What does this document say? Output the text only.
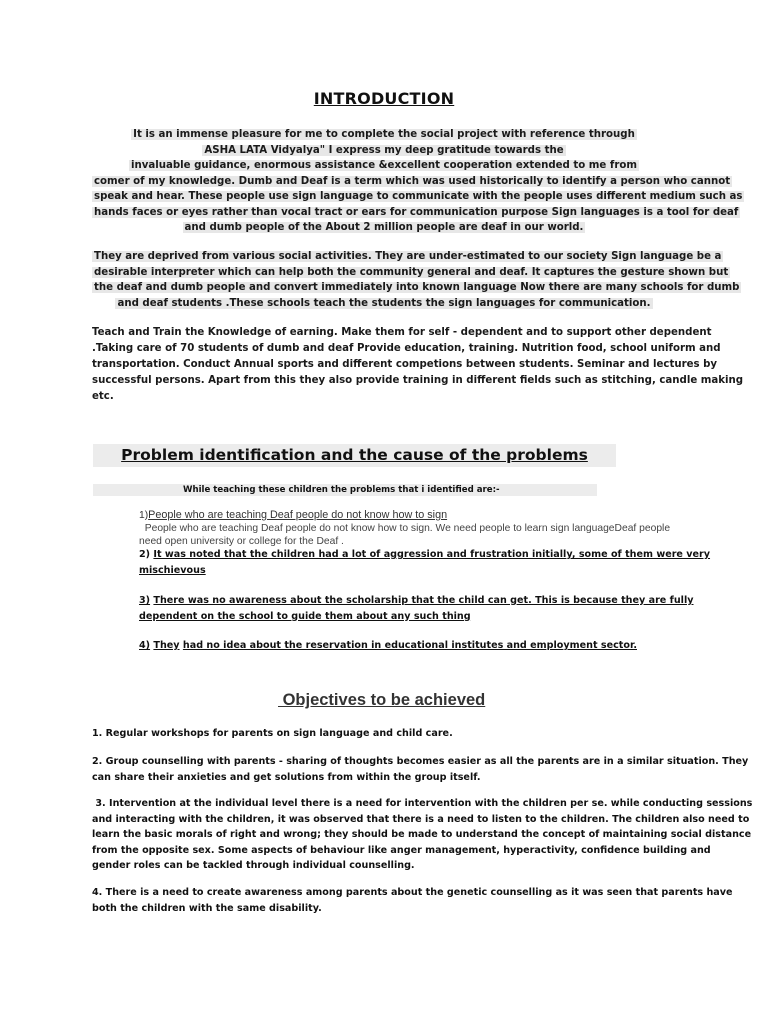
INTRODUCTION
It is an immense pleasure for me to complete the social project with reference through
ASHA LATA Vidyalya" I express my deep gratitude towards the
invaluable guidance, enormous assistance &excellent cooperation extended to me from
comer of my knowledge. Dumb and Deaf is a term which was used historically to identify a person who cannot
speak and hear. These people use sign language to communicate with the people uses different medium such as
hands faces or eyes rather than vocal tract or ears for communication purpose Sign languages is a tool for deaf
and dumb people of the About 2 million people are deaf in our world.
They are deprived from various social activities. They are under-estimated to our society Sign language be a
desirable interpreter which can help both the community general and deaf. It captures the gesture shown but
the deaf and dumb people and convert immediately into known language Now there are many schools for dumb
and deaf students .These schools teach the students the sign languages for communication.
Teach and Train the Knowledge of earning. Make them for self - dependent and to support other dependent
.Taking care of 70 students of dumb and deaf Provide education, training. Nutrition food, school uniform and
transportation. Conduct Annual sports and different competions between students. Seminar and lectures by
successful persons. Apart from this they also provide training in different fields such as stitching, candle making
etc.
Problem identification and the cause of the problems
While teaching these children the problems that i identified are:-
1)People who are teaching Deaf people do not know how to sign
People who are teaching Deaf people do not know how to sign. We need people to learn sign languageDeaf people need open university or college for the Deaf .
2) It was noted that the children had a lot of aggression and frustration initially, some of them were very
mischievous
3) There was no awareness about the scholarship that the child can get. This is because they are fully
dependent on the school to guide them about any such thing
4) They had no idea about the reservation in educational institutes and employment sector.
Objectives to be achieved
1. Regular workshops for parents on sign language and child care.
2. Group counselling with parents - sharing of thoughts becomes easier as all the parents are in a similar situation. They
can share their anxieties and get solutions from within the group itself.
3. Intervention at the individual level there is a need for intervention with the children per se. while conducting sessions
and interacting with the children, it was observed that there is a need to listen to the children. The children also need to
learn the basic morals of right and wrong; they should be made to understand the concept of maintaining social distance
from the opposite sex. Some aspects of behaviour like anger management, hyperactivity, confidence building and
gender roles can be tackled through individual counselling.
4. There is a need to create awareness among parents about the genetic counselling as it was seen that parents have
both the children with the same disability.
